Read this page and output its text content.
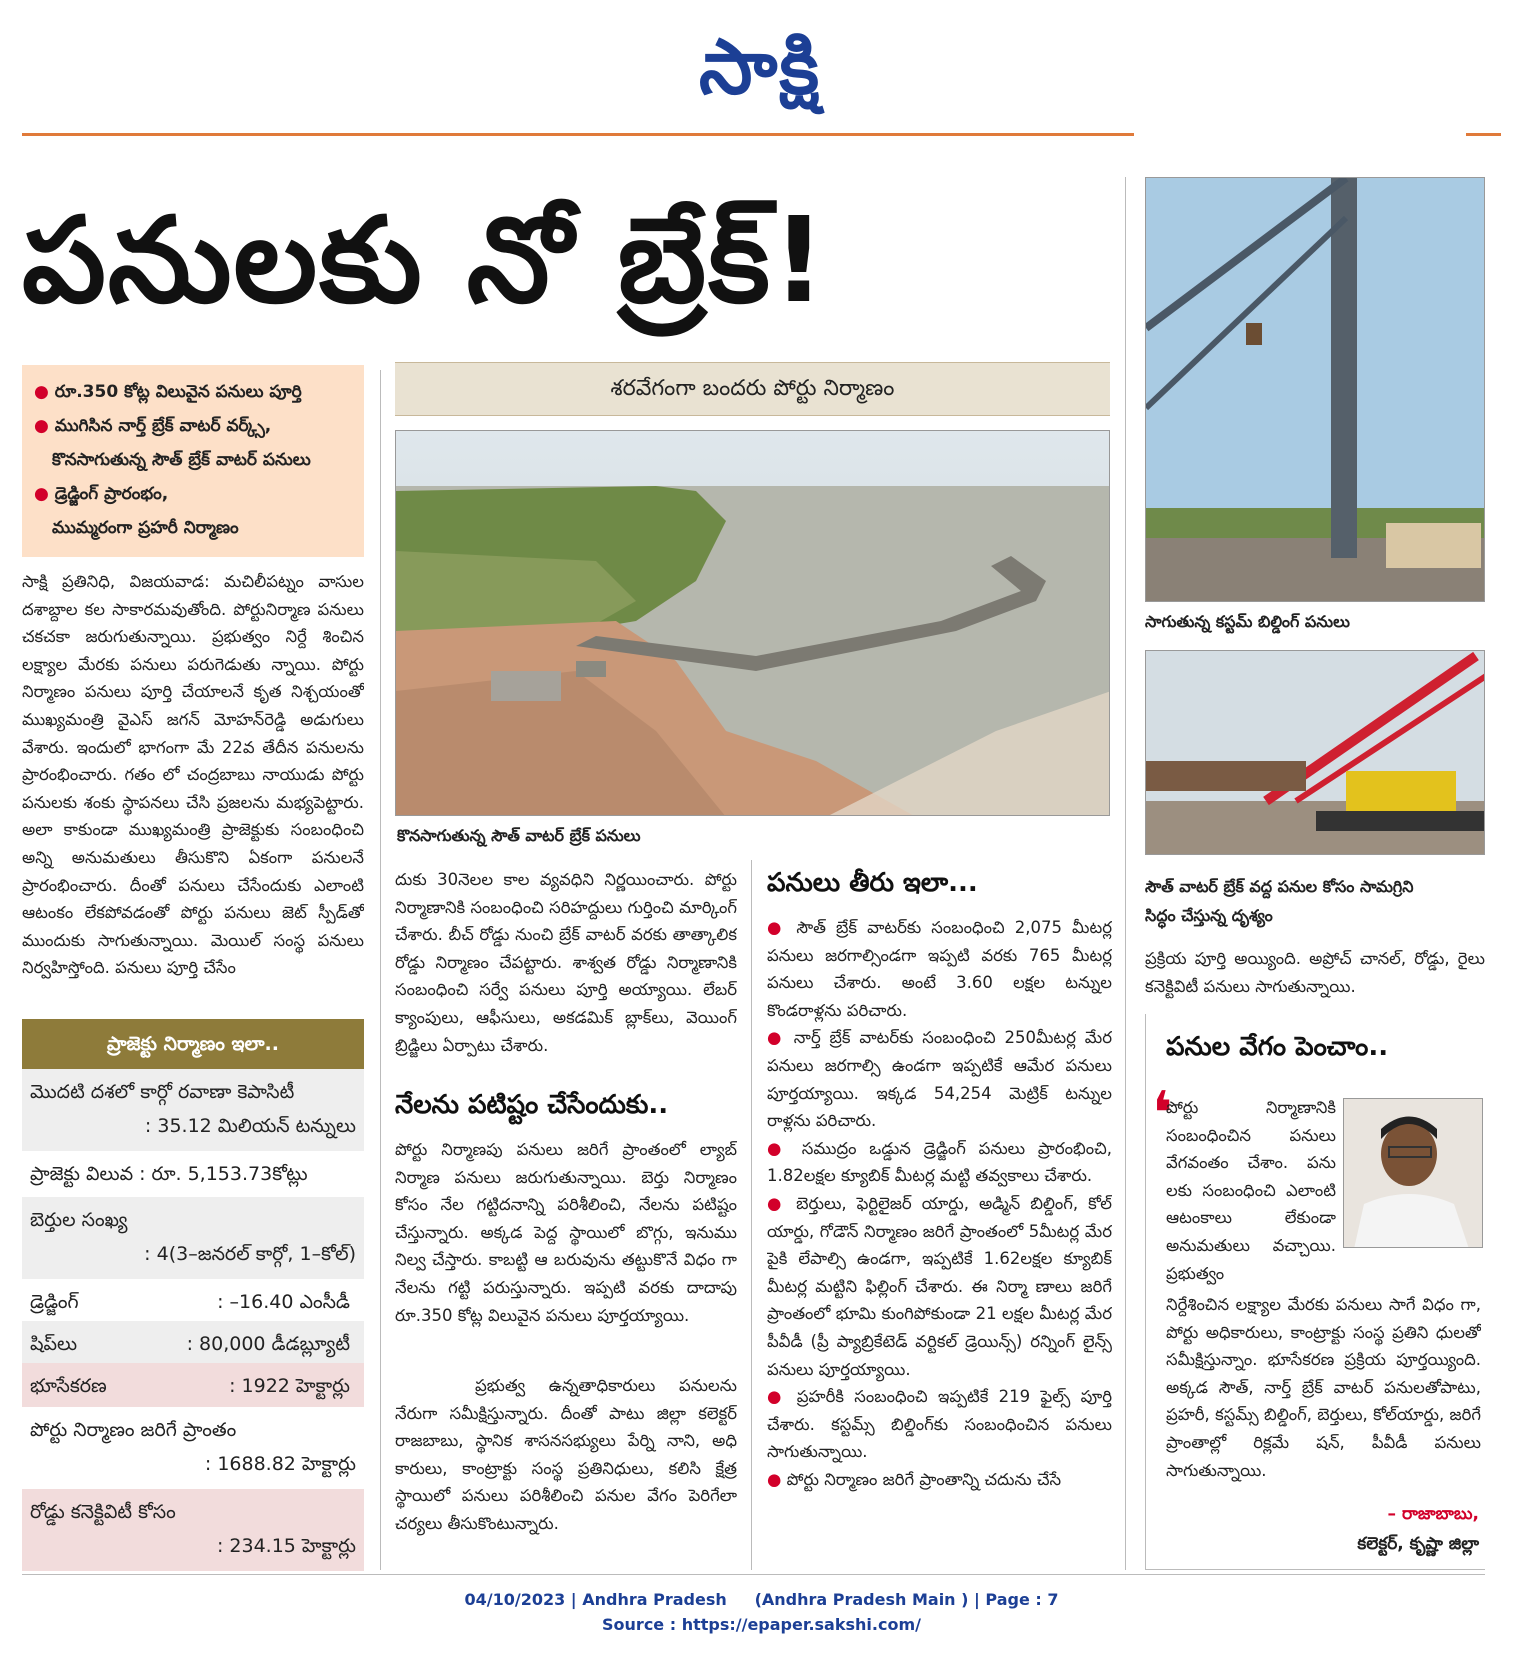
సాక్షి
పనులకు నో బ్రేక్!
● రూ.350 కోట్ల విలువైన పనులు పూర్తి
● ముగిసిన నార్త్ బ్రేక్ వాటర్ వర్క్స్,
కొనసాగుతున్న సౌత్ బ్రేక్ వాటర్ పనులు
● డ్రెడ్జింగ్ ప్రారంభం,
ముమ్మరంగా ప్రహరీ నిర్మాణం
సాక్షి ప్రతినిధి, విజయవాడ: మచిలీపట్నం వాసుల దశాబ్దాల కల సాకారమవుతోంది. పోర్టునిర్మాణ పనులు చకచకా జరుగుతున్నాయి. ప్రభుత్వం నిర్దే శించిన లక్ష్యాల మేరకు పనులు పరుగెడుతు న్నాయి. పోర్టు నిర్మాణం పనులు పూర్తి చేయాలనే కృత నిశ్చయంతో ముఖ్యమంత్రి వైఎస్ జగన్ మోహన్‌రెడ్డి అడుగులు వేశారు. ఇందులో భాగంగా మే 22వ తేదీన పనులను ప్రారంభించారు. గతం లో చంద్రబాబు నాయుడు పోర్టు పనులకు శంకు స్థాపనలు చేసి ప్రజలను మభ్యపెట్టారు. అలా కాకుండా ముఖ్యమంత్రి ప్రాజెక్టుకు సంబంధించి అన్ని అనుమతులు తీసుకొని ఏకంగా పనులనే ప్రారంభించారు. దీంతో పనులు చేసేందుకు ఎలాంటి ఆటంకం లేకపోవడంతో పోర్టు పనులు జెట్ స్పీడ్‌తో ముందుకు సాగుతున్నాయి. మెయిల్ సంస్థ పనులు నిర్వహిస్తోంది. పనులు పూర్తి చేసేం
ప్రాజెక్టు నిర్మాణం ఇలా..
మొదటి దశలో కార్గో రవాణా కెపాసిటీ
: 35.12 మిలియన్ టన్నులు
ప్రాజెక్టు విలువ : రూ. 5,153.73కోట్లు
బెర్తుల సంఖ్య
: 4(3–జనరల్ కార్గో, 1–కోల్)
డ్రెడ్జింగ్	: –16.40 ఎంసీడీ
షిప్‌లు	: 80,000 డీడబ్ల్యూటీ
భూసేకరణ	: 1922 హెక్టార్లు
పోర్టు నిర్మాణం జరిగే ప్రాంతం
: 1688.82 హెక్టార్లు
రోడ్డు కనెక్టివిటీ కోసం
: 234.15 హెక్టార్లు
శరవేగంగా బందరు పోర్టు నిర్మాణం
కొనసాగుతున్న సౌత్ వాటర్ బ్రేక్ పనులు
సాగుతున్న కస్టమ్ బిల్డింగ్ పనులు
సౌత్ వాటర్ బ్రేక్ వద్ద పనుల కోసం సామగ్రిని
సిద్ధం చేస్తున్న దృశ్యం
దుకు 30నెలల కాల వ్యవధిని నిర్ణయించారు. పోర్టు నిర్మాణానికి సంబంధించి సరిహద్దులు గుర్తించి మార్కింగ్ చేశారు. బీచ్ రోడ్డు నుంచి బ్రేక్ వాటర్ వరకు తాత్కాలిక రోడ్డు నిర్మాణం చేపట్టారు. శాశ్వత రోడ్డు నిర్మాణానికి సంబంధించి సర్వే పనులు పూర్తి అయ్యాయి. లేబర్ క్యాంపులు, ఆఫీసులు, అకడమిక్ బ్లాక్‌లు, వెయింగ్ బ్రిడ్జిలు ఏర్పాటు చేశారు.
నేలను పటిష్టం చేసేందుకు..
పోర్టు నిర్మాణపు పనులు జరిగే ప్రాంతంలో ల్యాబ్ నిర్మాణ పనులు జరుగుతున్నాయి. బెర్తు నిర్మాణం కోసం నేల గట్టిదనాన్ని పరిశీలించి, నేలను పటిష్టం చేస్తున్నారు. అక్కడ పెద్ద స్థాయిలో బొగ్గు, ఇనుము నిల్వ చేస్తారు. కాబట్టి ఆ బరువును తట్టుకొనే విధం గా నేలను గట్టి పరుస్తున్నారు. ఇప్పటి వరకు దాదాపు రూ.350 కోట్ల విలువైన పనులు పూర్తయ్యాయి.
ప్రభుత్వ ఉన్నతాధికారులు పనులను నేరుగా సమీక్షిస్తున్నారు. దీంతో పాటు జిల్లా కలెక్టర్ రాజబాబు, స్థానిక శాసనసభ్యులు పేర్ని నాని, అధి కారులు, కాంట్రాక్టు సంస్థ ప్రతినిధులు, కలిసి క్షేత్ర స్థాయిలో పనులు పరిశీలించి పనుల వేగం పెరిగేలా చర్యలు తీసుకొంటున్నారు.
పనులు తీరు ఇలా...
● సౌత్ బ్రేక్ వాటర్‌కు సంబంధించి 2,075 మీటర్ల పనులు జరగాల్సిండగా ఇప్పటి వరకు 765 మీటర్ల పనులు చేశారు. అంటే 3.60 లక్షల టన్నుల కొండరాళ్లను పరిచారు.
● నార్త్ బ్రేక్ వాటర్‌కు సంబంధించి 250మీటర్ల మేర పనులు జరగాల్సి ఉండగా ఇప్పటికే ఆమేర పనులు పూర్తయ్యాయి. ఇక్కడ 54,254 మెట్రిక్ టన్నుల రాళ్లను పరిచారు.
● సముద్రం ఒడ్డున డ్రెడ్జింగ్ పనులు ప్రారంభించి, 1.82లక్షల క్యూబిక్ మీటర్ల మట్టి తవ్వకాలు చేశారు.
● బెర్తులు, ఫెర్టిలైజర్ యార్డు, అడ్మిన్ బిల్డింగ్, కోల్ యార్డు, గోడౌన్ నిర్మాణం జరిగే ప్రాంతంలో 5మీటర్ల మేర పైకి లేపాల్సి ఉండగా, ఇప్పటికే 1.62లక్షల క్యూబిక్ మీటర్ల మట్టిని ఫిల్లింగ్ చేశారు. ఈ నిర్మా ణాలు జరిగే ప్రాంతంలో భూమి కుంగిపోకుండా 21 లక్షల మీటర్ల మేర పీవీడీ (ప్రీ ప్యాబ్రికేటెడ్ వర్టికల్ డ్రెయిన్స్) రన్నింగ్ లైన్స్ పనులు పూర్తయ్యాయి.
● ప్రహరీకి సంబంధించి ఇప్పటికే 219 ఫైల్స్ పూర్తి చేశారు. కస్టమ్స్ బిల్డింగ్‌కు సంబంధించిన పనులు సాగుతున్నాయి.
● పోర్టు నిర్మాణం జరిగే ప్రాంతాన్ని చదును చేసే
ప్రక్రియ పూర్తి అయ్యింది. అప్రోచ్ చానల్, రోడ్డు, రైలు కనెక్టివిటీ పనులు సాగుతున్నాయి.
పనుల వేగం పెంచాం..
❛
పోర్టు నిర్మాణానికి సంబంధించిన పనులు వేగవంతం చేశాం. పను లకు సంబంధించి ఎలాంటి ఆటంకాలు లేకుండా అనుమతులు వచ్చాయి. ప్రభుత్వం
నిర్దేశించిన లక్ష్యాల మేరకు పనులు సాగే విధం గా, పోర్టు అధికారులు, కాంట్రాక్టు సంస్థ ప్రతిని ధులతో సమీక్షిస్తున్నాం. భూసేకరణ ప్రక్రియ పూర్తయ్యింది. అక్కడ సౌత్, నార్త్ బ్రేక్ వాటర్ పనులతోపాటు, ప్రహరీ, కస్టమ్స్ బిల్డింగ్, బెర్తులు, కోల్‌యార్డు, జరిగే ప్రాంతాల్లో రిక్లమే షన్, పీవీడీ పనులు సాగుతున్నాయి.
– రాజాబాబు,
కలెక్టర్, కృష్ణా జిల్లా
04/10/2023 | Andhra Pradesh     (Andhra Pradesh Main ) | Page : 7
Source : https://epaper.sakshi.com/
